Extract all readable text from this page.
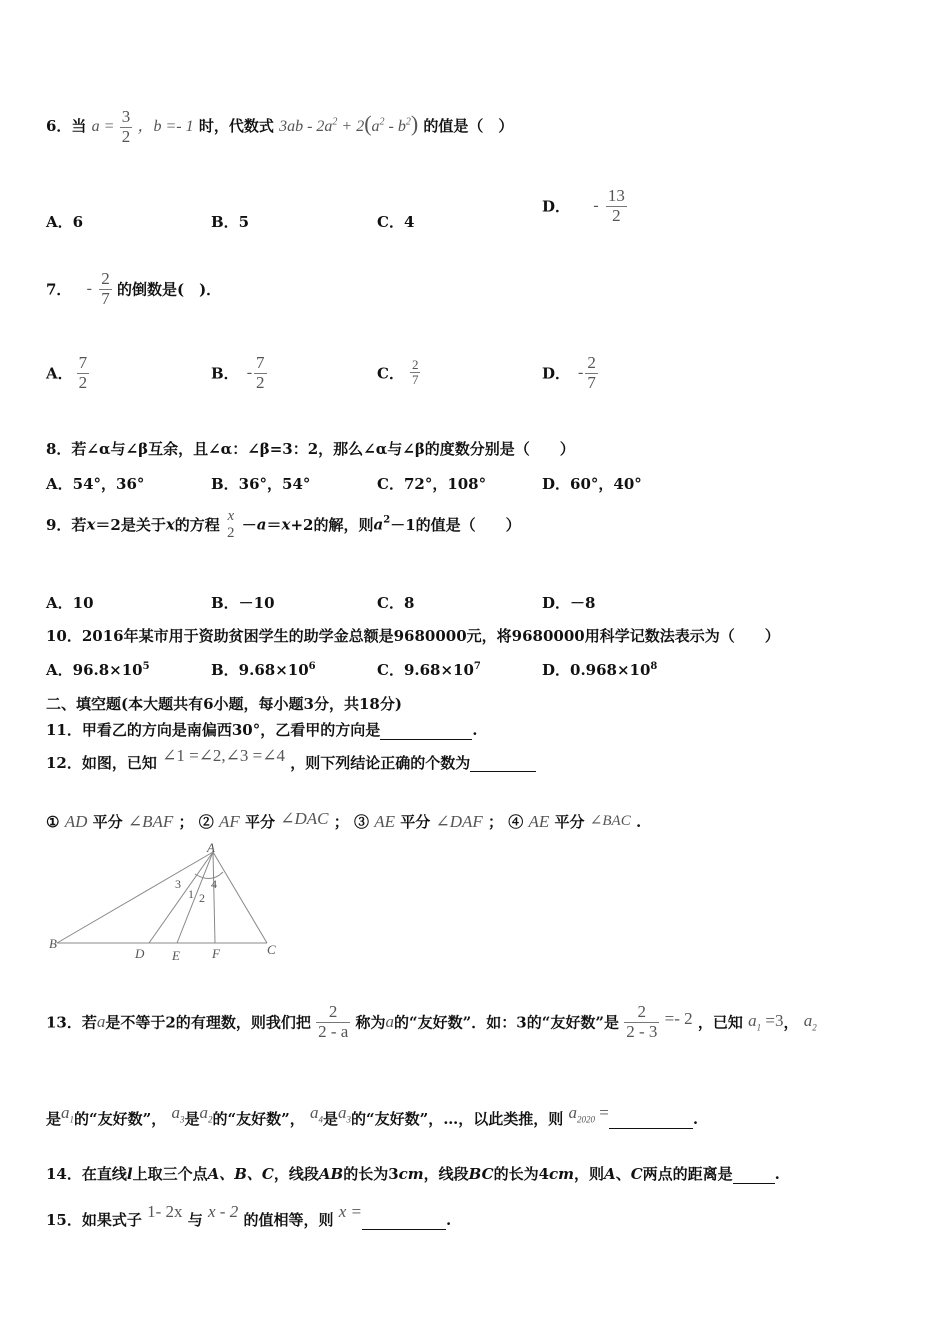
6．当 $a = \frac{3}{2}$ ，b =- 1 时，代数式 $3ab - 2a^2 + 2(a^2 - b^2)$ 的值是（　）
A．6	B．5	C．4
D． - $\frac{13}{2}$
7． - $\frac{2}{7}$ 的倒数是(　)．
A． $\frac{7}{2}$	B． - $\frac{7}{2}$	C． $\frac{2}{7}$	D． - $\frac{2}{7}$
8．若∠α与∠β互余，且∠α：∠β=3：2，那么∠α与∠β的度数分别是（　　）
A．54°，36°	B．36°，54°	C．72°，108°	D．60°，40°
9．若x＝2是关于x的方程 x
2 －a＝x+2的解，则$a^2-1$的值是（　　）
A．10	B．－10	C．8	D．－8
10．2016年某市用于资助贫困学生的助学金总额是9680000元，将9680000用科学记数法表示为（　　）
A．$96.8\times 10^5$	B．$9.68\times 10^6$	C．$9.68\times 10^7$	D．$0.968\times 10^8$
二、填空题(本大题共有6小题，每小题3分，共18分)
11．甲看乙的方向是南偏西30°，乙看甲的方向是	.
12．如图，已知 ∠1 =∠2,∠3 =∠4 ，则下列结论正确的个数为
① AD 平分 ∠BAF ； ② AF 平分 ∠DAC ； ③ AE 平分 ∠DAF ； ④ AE 平分 ∠BAC .
A
B	C
D E F
1 2
3	4
13．若a是不等于2的有理数，则我们把 $\frac{2}{2 - a}$ 称为a的“友好数”．如：3的“友好数”是 $\frac{2}{2 - 3} =- 2$ ，已知 $a_1 =3$， $a_2$
是$a_1$的“友好数”， $a_3$是$a_2$的“友好数”， $a_4$是$a_3$的“友好数”，…，以此类推，则 $a_{2020}$ =	.
14．在直线l上取三个点A、B、C，线段AB的长为3cm，线段BC的长为4cm，则A、C两点的距离是	.
15．如果式子 1- 2x 与 x - 2 的值相等，则 x =	.
